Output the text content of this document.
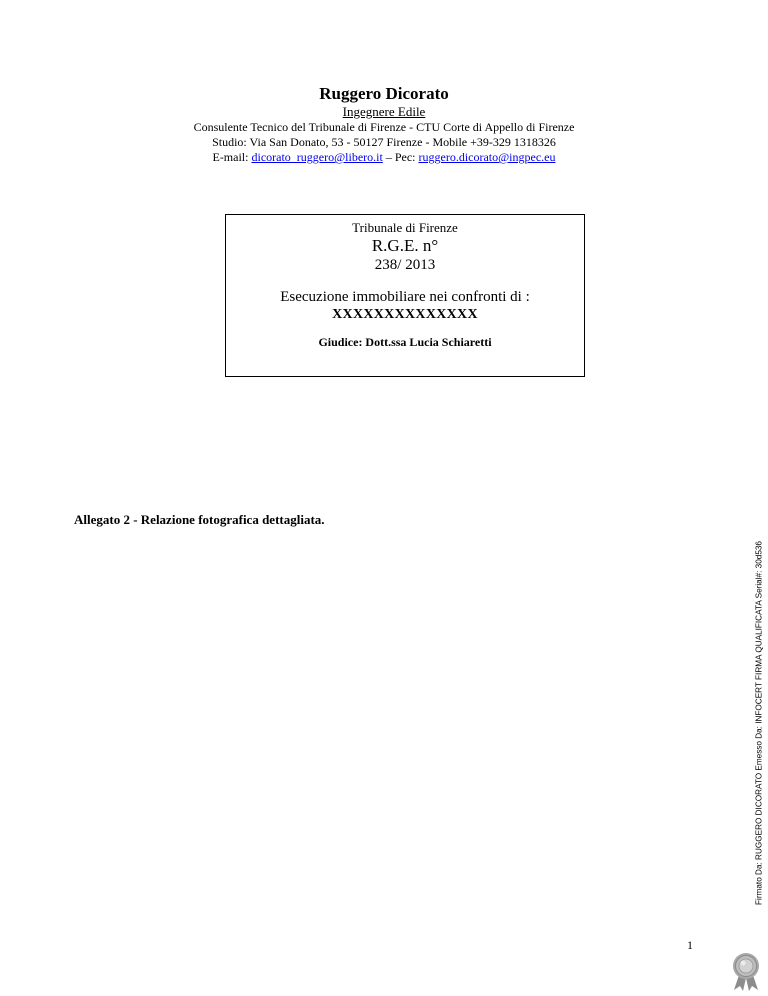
Ruggero Dicorato
Ingegnere Edile
Consulente Tecnico del Tribunale di Firenze - CTU Corte di Appello di Firenze
Studio: Via San Donato, 53 - 50127 Firenze - Mobile +39-329 1318326
E-mail: dicorato_ruggero@libero.it – Pec: ruggero.dicorato@ingpec.eu
Tribunale di Firenze
R.G.E. n°
238/ 2013
Esecuzione immobiliare nei confronti di :
XXXXXXXXXXXXXX
Giudice: Dott.ssa Lucia Schiaretti
Allegato 2 - Relazione fotografica dettagliata.
1
Firmato Da: RUGGERO DICORATO Emesso Da: INFOCERT FIRMA QUALIFICATA Serial#: 30d536
